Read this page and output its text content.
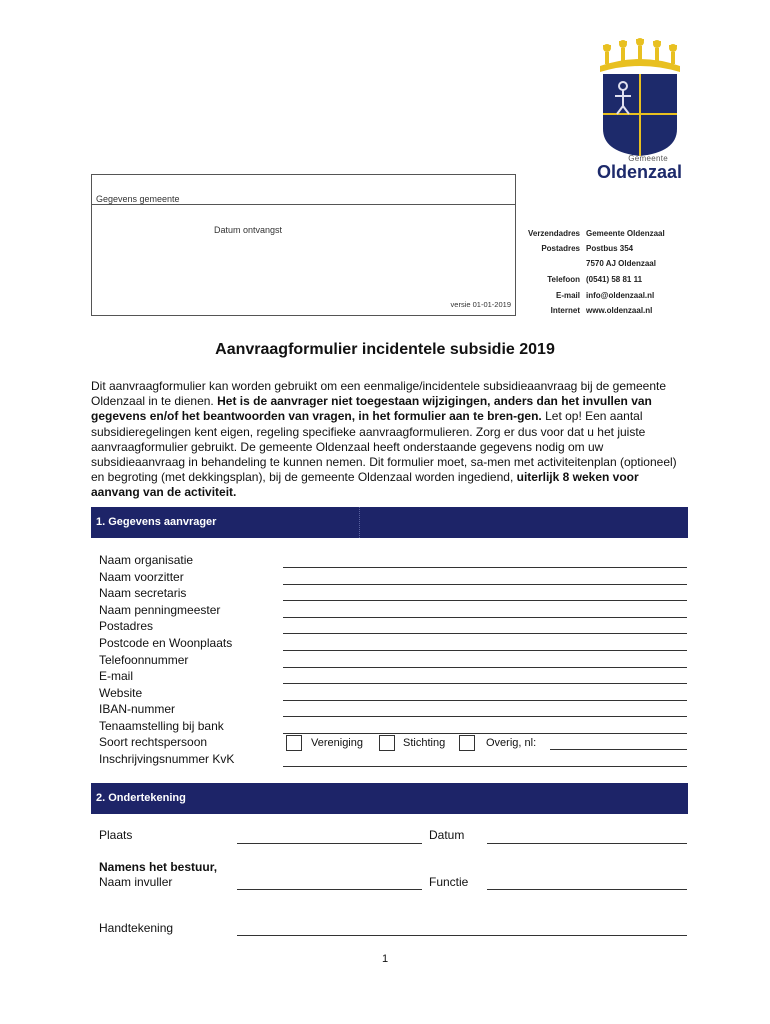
Gemeente
Oldenzaal
Gegevens gemeente
Datum ontvangst
versie 01-01-2019
Verzendadres Gemeente Oldenzaal
Postadres Postbus 354
7570 AJ Oldenzaal
Telefoon (0541) 58 81 11
E-mail info@oldenzaal.nl
Internet www.oldenzaal.nl
Aanvraagformulier incidentele subsidie 2019
Dit aanvraagformulier kan worden gebruikt om een eenmalige/incidentele subsidieaanvraag bij de gemeente Oldenzaal in te dienen. Het is de aanvrager niet toegestaan wijzigingen, anders dan het invullen van gegevens en/of het beantwoorden van vragen, in het formulier aan te bren-gen. Let op! Een aantal subsidieregelingen kent eigen, regeling specifieke aanvraagformulieren. Zorg er dus voor dat u het juiste aanvraagformulier gebruikt. De gemeente Oldenzaal heeft onderstaande gegevens nodig om uw subsidieaanvraag in behandeling te kunnen nemen. Dit formulier moet, sa-men met activiteitenplan (optioneel) en begroting (met dekkingsplan), bij de gemeente Oldenzaal worden ingediend, uiterlijk 8 weken voor aanvang van de activiteit.
1. Gegevens aanvrager
Naam organisatie
Naam voorzitter
Naam secretaris
Naam penningmeester
Postadres
Postcode en Woonplaats
Telefoonnummer
E-mail
Website
IBAN-nummer
Tenaamstelling bij bank
Soort rechtspersoon	Vereniging	Stichting	Overig, nl:
Inschrijvingsnummer KvK
2. Ondertekening
Plaats	Datum
Namens het bestuur,
Naam invuller	Functie
Handtekening
1
